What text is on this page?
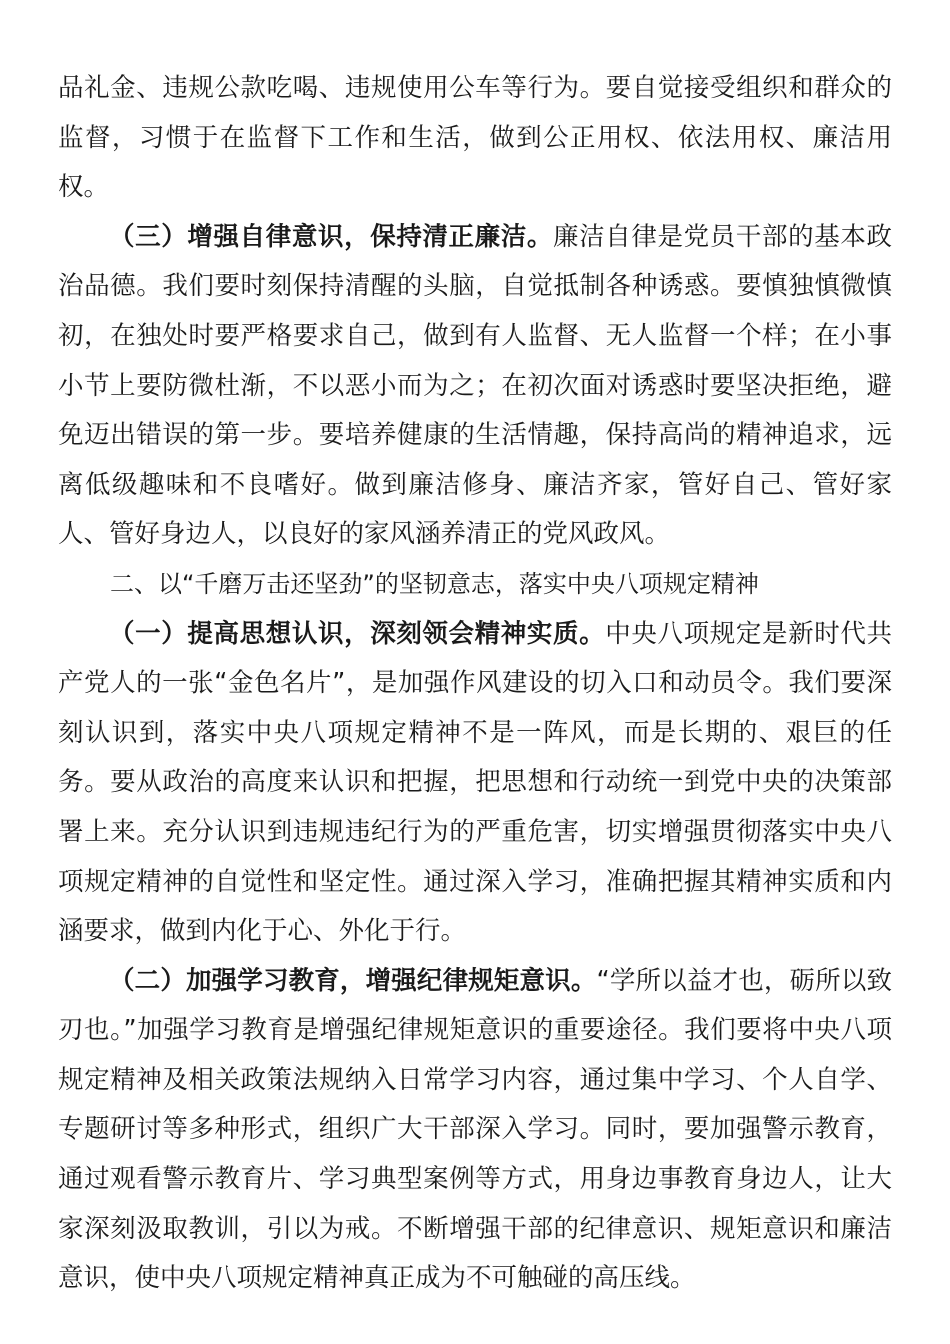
品礼金、违规公款吃喝、违规使用公车等行为。要自觉接受组织和群众的监督，习惯于在监督下工作和生活，做到公正用权、依法用权、廉洁用权。

（三）增强自律意识，保持清正廉洁。廉洁自律是党员干部的基本政治品德。我们要时刻保持清醒的头脑，自觉抵制各种诱惑。要慎独慎微慎初，在独处时要严格要求自己，做到有人监督、无人监督一个样；在小事小节上要防微杜渐，不以恶小而为之；在初次面对诱惑时要坚决拒绝，避免迈出错误的第一步。要培养健康的生活情趣，保持高尚的精神追求，远离低级趣味和不良嗜好。做到廉洁修身、廉洁齐家，管好自己、管好家人、管好身边人，以良好的家风涵养清正的党风政风。

二、以“千磨万击还坚劲”的坚韧意志，落实中央八项规定精神

（一）提高思想认识，深刻领会精神实质。中央八项规定是新时代共产党人的一张“金色名片”，是加强作风建设的切入口和动员令。我们要深刻认识到，落实中央八项规定精神不是一阵风，而是长期的、艰巨的任务。要从政治的高度来认识和把握，把思想和行动统一到党中央的决策部署上来。充分认识到违规违纪行为的严重危害，切实增强贯彻落实中央八项规定精神的自觉性和坚定性。通过深入学习，准确把握其精神实质和内涵要求，做到内化于心、外化于行。

（二）加强学习教育，增强纪律规矩意识。“学所以益才也，砺所以致刃也。”加强学习教育是增强纪律规矩意识的重要途径。我们要将中央八项规定精神及相关政策法规纳入日常学习内容，通过集中学习、个人自学、专题研讨等多种形式，组织广大干部深入学习。同时，要加强警示教育，通过观看警示教育片、学习典型案例等方式，用身边事教育身边人，让大家深刻汲取教训，引以为戒。不断增强干部的纪律意识、规矩意识和廉洁意识，使中央八项规定精神真正成为不可触碰的高压线。
